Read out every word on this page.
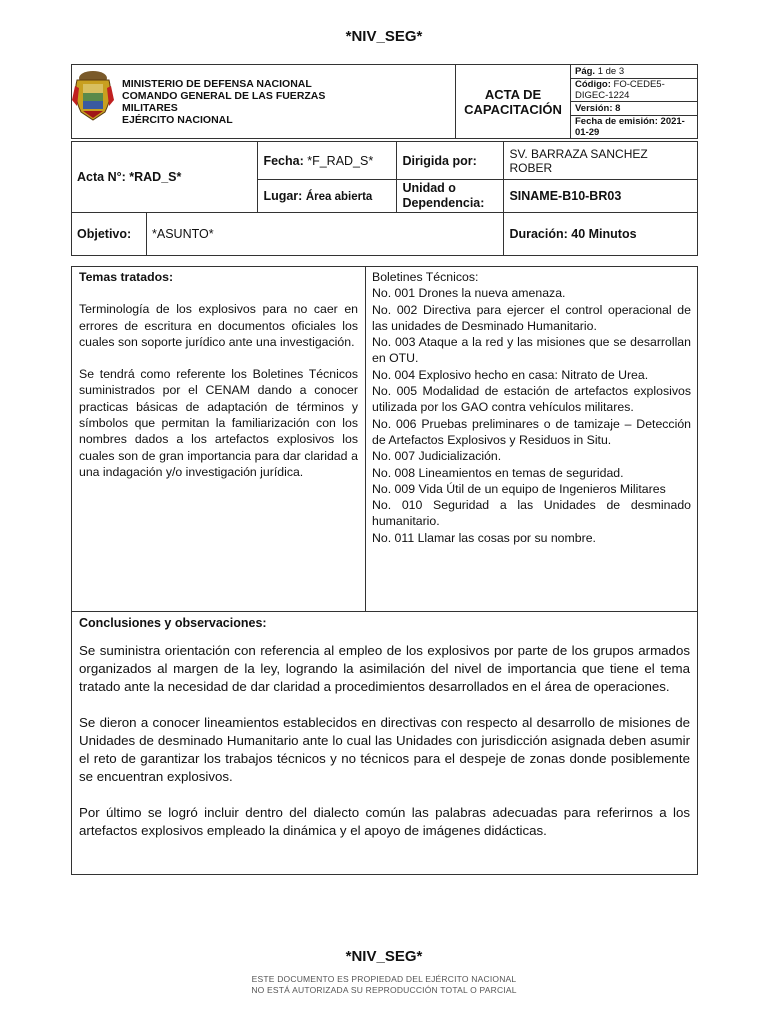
*NIV_SEG*
MINISTERIO DE DEFENSA NACIONAL
COMANDO GENERAL DE LAS FUERZAS
MILITARES
EJÉRCITO NACIONAL

ACTA DE
CAPACITACIÓN
	Pág. 1 de 3
Código: FO-CEDE5-DIGEC-1224
Versión: 8
Fecha de emisión: 2021-01-29
Acta N°: *RAD_S*		Fecha: *F_RAD_S*	Dirigida por:	SV. BARRAZA SANCHEZ ROBER
		Lugar: Área abierta	Unidad o
Dependencia:	SINAME-B10-BR03
Objetivo:	*ASUNTO*			Duración: 40 Minutos
Temas tratados:

Terminología de los explosivos para no caer en errores de escritura en documentos oficiales los cuales son soporte jurídico ante una investigación.

Se tendrá como referente los Boletines Técnicos suministrados por el CENAM dando a conocer practicas básicas de adaptación de términos y símbolos que permitan la familiarización con los nombres dados a los artefactos explosivos los cuales son de gran importancia para dar claridad a una indagación y/o investigación jurídica.

Boletines Técnicos:
No. 001 Drones la nueva amenaza.
No. 002 Directiva para ejercer el control operacional de las unidades de Desminado Humanitario.
No. 003 Ataque a la red y las misiones que se desarrollan en OTU.
No. 004 Explosivo hecho en casa: Nitrato de Urea.
No. 005 Modalidad de estación de artefactos explosivos utilizada por los GAO contra vehículos militares.
No. 006 Pruebas preliminares o de tamizaje – Detección de Artefactos Explosivos y Residuos in Situ.
No. 007 Judicialización.
No. 008 Lineamientos en temas de seguridad.
No. 009 Vida Útil de un equipo de Ingenieros Militares
No. 010 Seguridad a las Unidades de desminado humanitario.
No. 011 Llamar las cosas por su nombre.
Conclusiones y observaciones:

Se suministra orientación con referencia al empleo de los explosivos por parte de los grupos armados organizados al margen de la ley, logrando la asimilación del nivel de importancia que tiene el tema tratado ante la necesidad de dar claridad a procedimientos desarrollados en el área de operaciones.

Se dieron a conocer lineamientos establecidos en directivas con respecto al desarrollo de misiones de Unidades de desminado Humanitario ante lo cual las Unidades con jurisdicción asignada deben asumir el reto de garantizar los trabajos técnicos y no técnicos para el despeje de zonas donde posiblemente se encuentran explosivos.

Por último se logró incluir dentro del dialecto común las palabras adecuadas para referirnos a los artefactos explosivos empleado la dinámica y el apoyo de imágenes didácticas.

*NIV_SEG*
ESTE DOCUMENTO ES PROPIEDAD DEL EJÉRCITO NACIONAL
NO ESTÁ AUTORIZADA SU REPRODUCCIÓN TOTAL O PARCIAL
